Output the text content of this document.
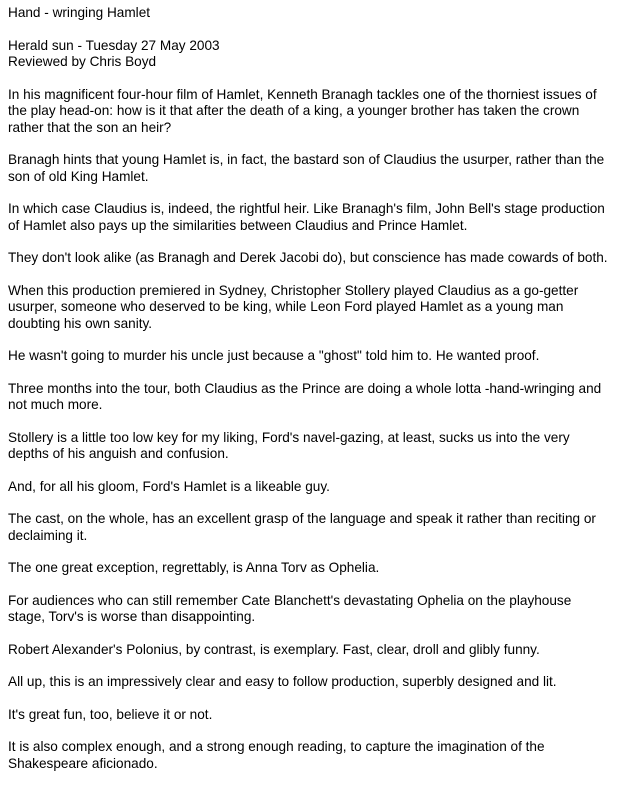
Hand - wringing Hamlet

Herald sun - Tuesday 27 May 2003
Reviewed by Chris Boyd

In his magnificent four-hour film of Hamlet, Kenneth Branagh tackles one of the thorniest issues of the play head-on: how is it that after the death of a king, a younger brother has taken the crown rather that the son an heir?

Branagh hints that young Hamlet is, in fact, the bastard son of Claudius the usurper, rather than the son of old King Hamlet.

In which case Claudius is, indeed, the rightful heir. Like Branagh's film, John Bell's stage production of Hamlet also pays up the similarities between Claudius and Prince Hamlet.

They don't look alike (as Branagh and Derek Jacobi do), but conscience has made cowards of both.

When this production premiered in Sydney, Christopher Stollery played Claudius as a go-getter usurper, someone who deserved to be king, while Leon Ford played Hamlet as a young man doubting his own sanity.

He wasn't going to murder his uncle just because a "ghost" told him to. He wanted proof.

Three months into the tour, both Claudius as the Prince are doing a whole lotta -hand-wringing and not much more.

Stollery is a little too low key for my liking, Ford's navel-gazing, at least, sucks us into the very depths of his anguish and confusion.

And, for all his gloom, Ford's Hamlet is a likeable guy.

The cast, on the whole, has an excellent grasp of the language and speak it rather than reciting or declaiming it.

The one great exception, regrettably, is Anna Torv as Ophelia.

For audiences who can still remember Cate Blanchett's devastating Ophelia on the playhouse stage, Torv's is worse than disappointing.

Robert Alexander's Polonius, by contrast, is exemplary. Fast, clear, droll and glibly funny.

All up, this is an impressively clear and easy to follow production, superbly designed and lit.

It's great fun, too, believe it or not.

It is also complex enough, and a strong enough reading, to capture the imagination of the Shakespeare aficionado.
